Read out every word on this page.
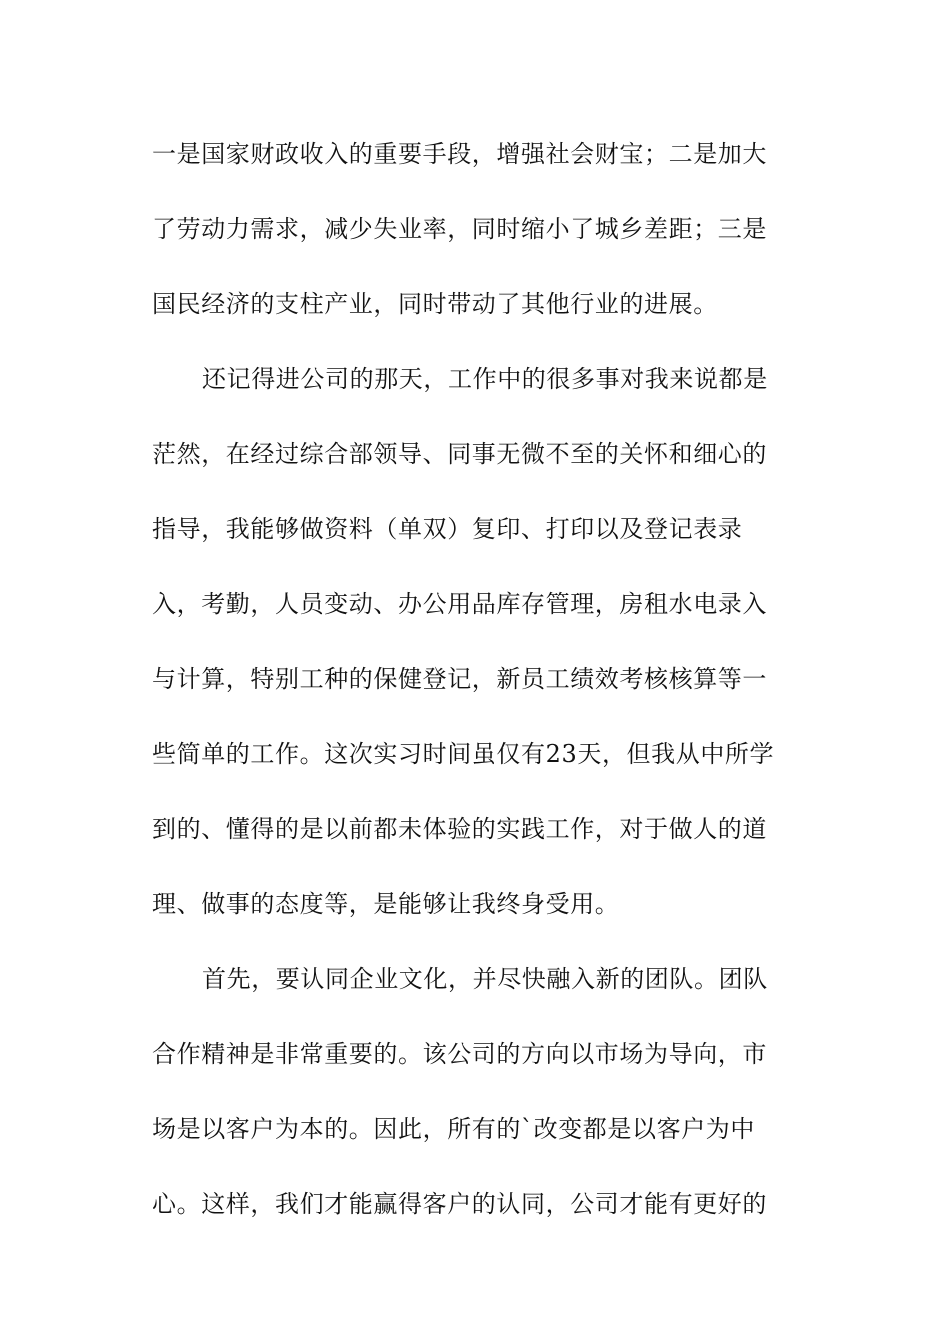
一是国家财政收入的重要手段，增强社会财宝；二是加大
了劳动力需求，减少失业率，同时缩小了城乡差距；三是
国民经济的支柱产业，同时带动了其他行业的进展。
还记得进公司的那天，工作中的很多事对我来说都是
茫然，在经过综合部领导、同事无微不至的关怀和细心的
指导，我能够做资料（单双）复印、打印以及登记表录
入，考勤，人员变动、办公用品库存管理，房租水电录入
与计算，特别工种的保健登记，新员工绩效考核核算等一
些简单的工作。这次实习时间虽仅有23天，但我从中所学
到的、懂得的是以前都未体验的实践工作，对于做人的道
理、做事的态度等，是能够让我终身受用。
首先，要认同企业文化，并尽快融入新的团队。团队
合作精神是非常重要的。该公司的方向以市场为导向，市
场是以客户为本的。因此，所有的`改变都是以客户为中
心。这样，我们才能赢得客户的认同，公司才能有更好的
